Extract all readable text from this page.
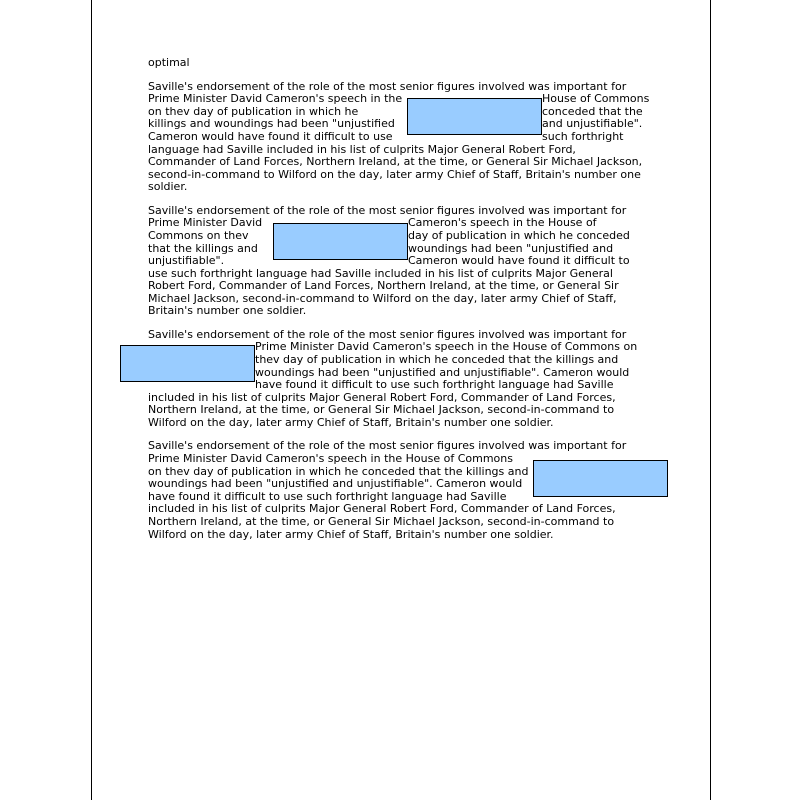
optimal
Saville's endorsement of the role of the most senior figures involved was important for
Prime Minister David Cameron's speech in the
on thev day of publication in which he
killings and woundings had been "unjustified
Cameron would have found it difficult to use
House of Commons
conceded that the
and unjustifiable".
such forthright
language had Saville included in his list of culprits Major General Robert Ford,
Commander of Land Forces, Northern Ireland, at the time, or General Sir Michael Jackson,
second-in-command to Wilford on the day, later army Chief of Staff, Britain's number one
soldier.
Saville's endorsement of the role of the most senior figures involved was important for
Prime Minister David
Commons on thev
that the killings and
unjustifiable".
Cameron's speech in the House of
day of publication in which he conceded
woundings had been "unjustified and
Cameron would have found it difficult to
use such forthright language had Saville included in his list of culprits Major General
Robert Ford, Commander of Land Forces, Northern Ireland, at the time, or General Sir
Michael Jackson, second-in-command to Wilford on the day, later army Chief of Staff,
Britain's number one soldier.
Saville's endorsement of the role of the most senior figures involved was important for
Prime Minister David Cameron's speech in the House of Commons on
thev day of publication in which he conceded that the killings and
woundings had been "unjustified and unjustifiable". Cameron would
have found it difficult to use such forthright language had Saville
included in his list of culprits Major General Robert Ford, Commander of Land Forces,
Northern Ireland, at the time, or General Sir Michael Jackson, second-in-command to
Wilford on the day, later army Chief of Staff, Britain's number one soldier.
Saville's endorsement of the role of the most senior figures involved was important for
Prime Minister David Cameron's speech in the House of Commons
on thev day of publication in which he conceded that the killings and
woundings had been "unjustified and unjustifiable". Cameron would
have found it difficult to use such forthright language had Saville
included in his list of culprits Major General Robert Ford, Commander of Land Forces,
Northern Ireland, at the time, or General Sir Michael Jackson, second-in-command to
Wilford on the day, later army Chief of Staff, Britain's number one soldier.
